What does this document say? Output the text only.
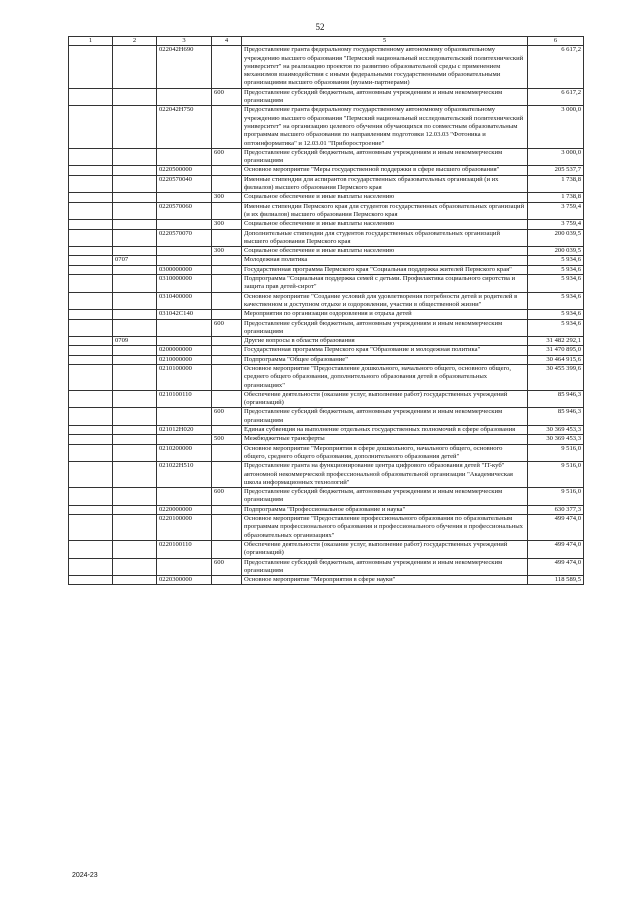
52
1	2	3	4	5	6
		022042Н690		Предоставление гранта федеральному государственному автономному образовательному учреждению высшего образования "Пермский национальный исследовательский политехнический университет" на реализацию проектов по развитию образовательной среды с применением механизмов взаимодействия с иными федеральными государственными образовательными организациями высшего образования (вузами-партнерами)	6 617,2
			600	Предоставление субсидий бюджетным, автономным учреждениям и иным некоммерческим организациям	6 617,2
		022042Н750		Предоставление гранта федеральному государственному автономному образовательному учреждению высшего образования "Пермский национальный исследовательский политехнический университет" на организацию целевого обучения обучающихся по совместным образовательным программам высшего образования по направлениям подготовки 12.03.03 "Фотоника и оптоинформатика" и 12.03.01 "Приборостроение"	3 000,0
			600	Предоставление субсидий бюджетным, автономным учреждениям и иным некоммерческим организациям	3 000,0
		0220500000		Основное мероприятие "Меры государственной поддержки в сфере высшего образования"	205 537,7
		0220570040		Именные стипендии для аспирантов государственных образовательных организаций (и их филиалов) высшего образования Пермского края	1 738,8
			300	Социальное обеспечение и иные выплаты населению	1 738,8
		0220570060		Именные стипендии Пермского края для студентов государственных образовательных организаций (и их филиалов) высшего образования Пермского края	3 759,4
			300	Социальное обеспечение и иные выплаты населению	3 759,4
		0220570070		Дополнительные стипендии для студентов государственных образовательных организаций высшего образования Пермского края	200 039,5
			300	Социальное обеспечение и иные выплаты населению	200 039,5
	0707			Молодежная политика	5 934,6
		0300000000		Государственная программа Пермского края "Социальная поддержка жителей Пермского края"	5 934,6
		0310000000		Подпрограмма "Социальная поддержка семей с детьми. Профилактика социального сиротства и защита прав детей-сирот"	5 934,6
		0310400000		Основное мероприятие "Создание условий для удовлетворения потребности детей и родителей в качественном и доступном отдыхе и оздоровлении, участии в общественной жизни"	5 934,6
		031042С140		Мероприятия по организации оздоровления и отдыха детей	5 934,6
			600	Предоставление субсидий бюджетным, автономным учреждениям и иным некоммерческим организациям	5 934,6
	0709			Другие вопросы в области образования	31 482 292,1
		0200000000		Государственная программа Пермского края "Образование и молодежная политика"	31 470 895,0
		0210000000		Подпрограмма "Общее образование"	30 464 915,6
		0210100000		Основное мероприятие "Предоставление дошкольного, начального общего, основного общего, среднего общего образования, дополнительного образования детей в образовательных организациях"	30 455 399,6
		0210100110		Обеспечение деятельности (оказание услуг, выполнение работ) государственных учреждений (организаций)	85 946,3
			600	Предоставление субсидий бюджетным, автономным учреждениям и иным некоммерческим организациям	85 946,3
		021012Н020		Единая субвенция на выполнение отдельных государственных полномочий в сфере образования	30 369 453,3
			500	Межбюджетные трансферты	30 369 453,3
		0210200000		Основное мероприятие "Мероприятия в сфере дошкольного, начального общего, основного общего, среднего общего образования, дополнительного образования детей"	9 516,0
		021022Н510		Предоставление гранта на функционирование центра цифрового образования детей "IT-куб" автономной некоммерческой профессиональной образовательной организации "Академическая школа информационных технологий"	9 516,0
			600	Предоставление субсидий бюджетным, автономным учреждениям и иным некоммерческим организациям	9 516,0
		0220000000		Подпрограмма "Профессиональное образование и наука"	630 377,3
		0220100000		Основное мероприятие "Предоставление профессионального образования по образовательным программам профессионального образования и профессионального обучения в профессиональных образовательных организациях"	499 474,0
		0220100110		Обеспечение деятельности (оказание услуг, выполнение работ) государственных учреждений (организаций)	499 474,0
			600	Предоставление субсидий бюджетным, автономным учреждениям и иным некоммерческим организациям	499 474,0
		0220300000		Основное мероприятие "Мероприятия в сфере науки"	118 589,5
2024-23
